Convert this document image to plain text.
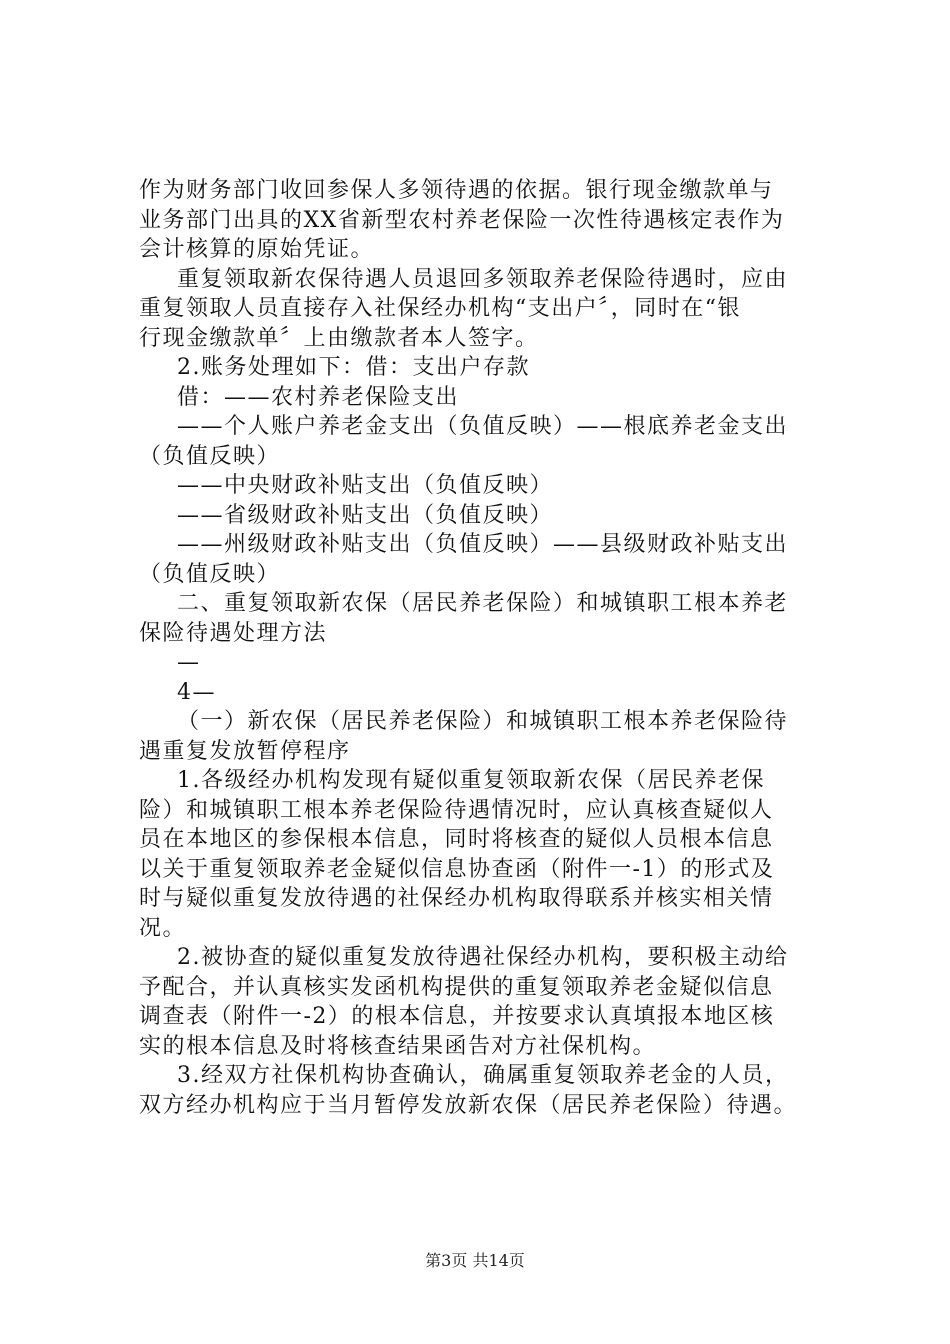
作为财务部门收回参保人多领待遇的依据。银行现金缴款单与

业务部门出具的XX省新型农村养老保险一次性待遇核定表作为

会计核算的原始凭证。

重复领取新农保待遇人员退回多领取养老保险待遇时，应由

重复领取人员直接存入社保经办机构“支出户〞，同时在“银

行现金缴款单〞上由缴款者本人签字。

2.账务处理如下：借：支出户存款

借：——农村养老保险支出

——个人账户养老金支出（负值反映）——根底养老金支出

（负值反映）

——中央财政补贴支出（负值反映）

——省级财政补贴支出（负值反映）

——州级财政补贴支出（负值反映）——县级财政补贴支出

（负值反映）

二、重复领取新农保（居民养老保险）和城镇职工根本养老

保险待遇处理方法

—

4—

（一）新农保（居民养老保险）和城镇职工根本养老保险待

遇重复发放暂停程序

1.各级经办机构发现有疑似重复领取新农保（居民养老保

险）和城镇职工根本养老保险待遇情况时，应认真核查疑似人

员在本地区的参保根本信息，同时将核查的疑似人员根本信息

以关于重复领取养老金疑似信息协查函（附件一-1）的形式及

时与疑似重复发放待遇的社保经办机构取得联系并核实相关情

况。

2.被协查的疑似重复发放待遇社保经办机构，要积极主动给

予配合，并认真核实发函机构提供的重复领取养老金疑似信息

调查表（附件一-2）的根本信息，并按要求认真填报本地区核

实的根本信息及时将核查结果函告对方社保机构。

3.经双方社保机构协查确认，确属重复领取养老金的人员，

双方经办机构应于当月暂停发放新农保（居民养老保险）待遇。

第3页 共14页
